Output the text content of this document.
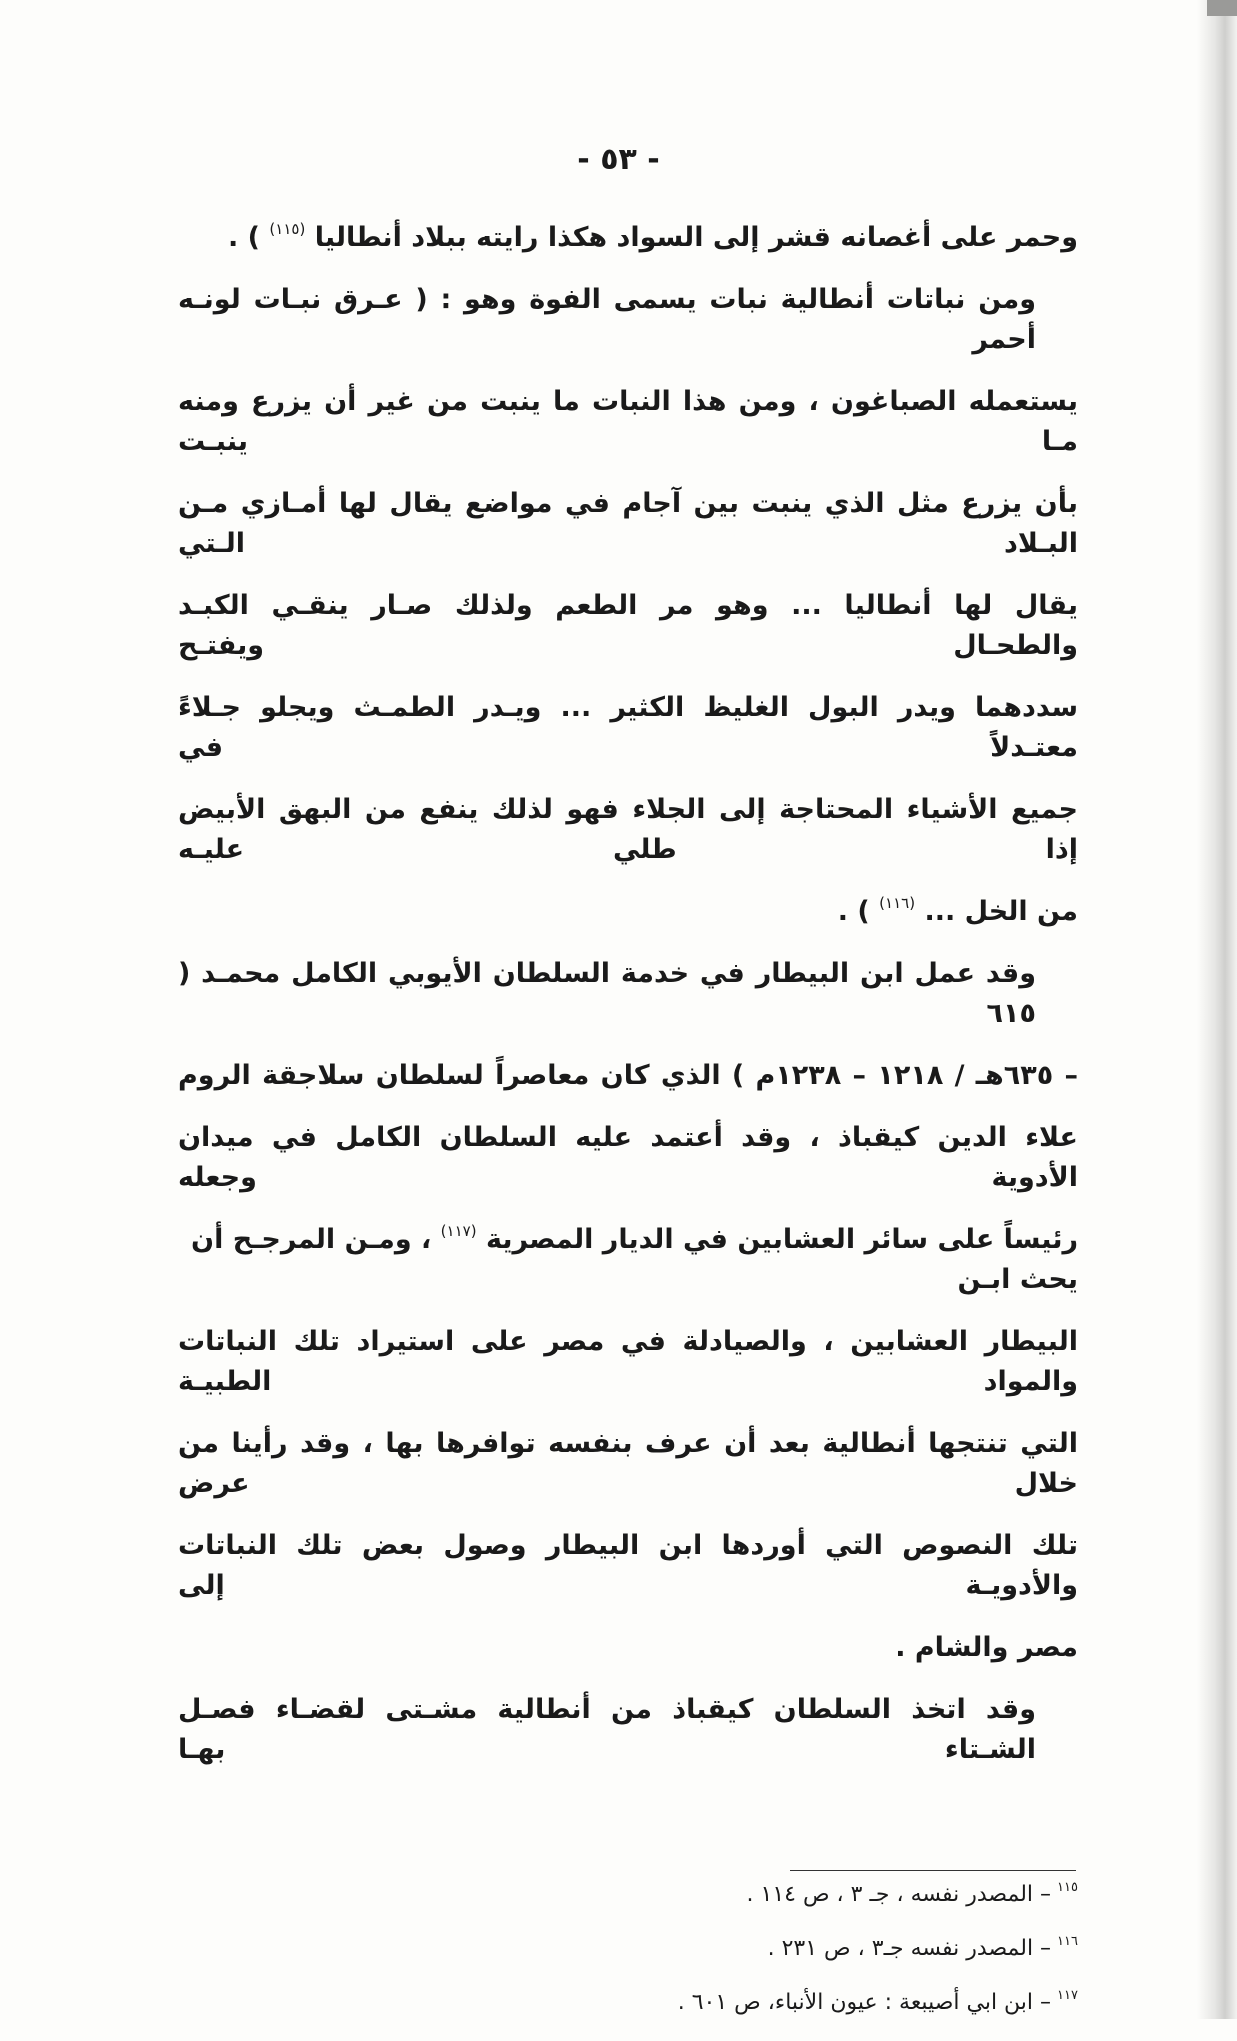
- ٥٣ -
وحمر على أغصانه قشر إلى السواد هكذا رايته ببلاد أنطاليا $^{(١١٥)}$ ) .
ومن نباتات أنطالية نبات يسمى الفوة وهو : ( عـرق نبـات لونـه أحمر
يستعمله الصباغون ، ومن هذا النبات ما ينبت من غير أن يزرع ومنه مـا ينبـت
بأن يزرع مثل الذي ينبت بين آجام في مواضع يقال لها أمـازي مـن البـلاد الـتي
يقال لها أنطاليا ... وهو مر الطعم ولذلك صـار ينقـي الكبـد والطحـال ويفتـح
سددهما ويدر البول الغليظ الكثير ... ويـدر الطمـث ويجلو جـلاءً معتـدلاً في
جميع الأشياء المحتاجة إلى الجلاء فهو لذلك ينفع من البهق الأبيض إذا طلي عليـه
من الخل ... $^{(١١٦)}$ ) .
وقد عمل ابن البيطار في خدمة السلطان الأيوبي الكامل محمـد ( ٦١٥
– ٦٣٥هـ / ١٢١٨ – ١٢٣٨م ) الذي كان معاصراً لسلطان سلاجقة الروم
علاء الدين كيقباذ ، وقد أعتمد عليه السلطان الكامل في ميدان الأدوية وجعله
رئيساً على سائر العشابين في الديار المصرية $^{(١١٧)}$ ، ومـن المرجـح أن يحث ابـن
البيطار العشابين ، والصيادلة في مصر على استيراد تلك النباتات والمواد الطبيـة
التي تنتجها أنطالية بعد أن عرف بنفسه توافرها بها ، وقد رأينا من خلال عرض
تلك النصوص التي أوردها ابن البيطار وصول بعض تلك النباتات والأدويـة إلى
مصر والشام .
وقد اتخذ السلطان كيقباذ من أنطالية مشـتى لقضـاء فصـل الشـتاء بهـا
$^{١١٥}$– المصدر نفسه ، جـ ٣ ، ص ١١٤ .
$^{١١٦}$– المصدر نفسه جـ٣ ، ص ٢٣١ .
$^{١١٧}$– ابن ابي أصيبعة : عيون الأنباء، ص ٦٠١ .
